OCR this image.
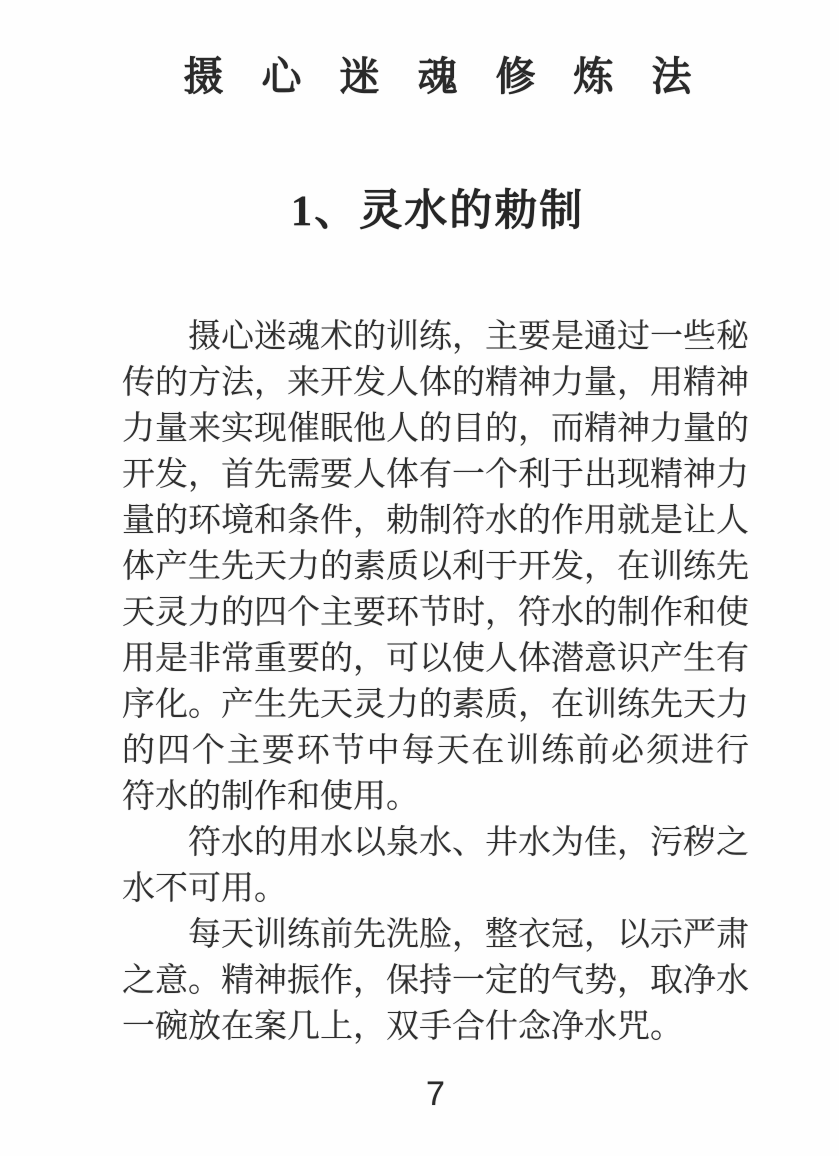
摄 心 迷 魂 修 炼 法
1、灵水的勅制
摄心迷魂术的训练，主要是通过一些秘
传的方法，来开发人体的精神力量，用精神
力量来实现催眠他人的目的，而精神力量的
开发，首先需要人体有一个利于出现精神力
量的环境和条件，勅制符水的作用就是让人
体产生先天力的素质以利于开发，在训练先
天灵力的四个主要环节时，符水的制作和使
用是非常重要的，可以使人体潜意识产生有
序化。产生先天灵力的素质，在训练先天力
的四个主要环节中每天在训练前必须进行
符水的制作和使用。
符水的用水以泉水、井水为佳，污秽之
水不可用。
每天训练前先洗脸，整衣冠，以示严肃
之意。精神振作，保持一定的气势，取净水
一碗放在案几上，双手合什念净水咒。
7
